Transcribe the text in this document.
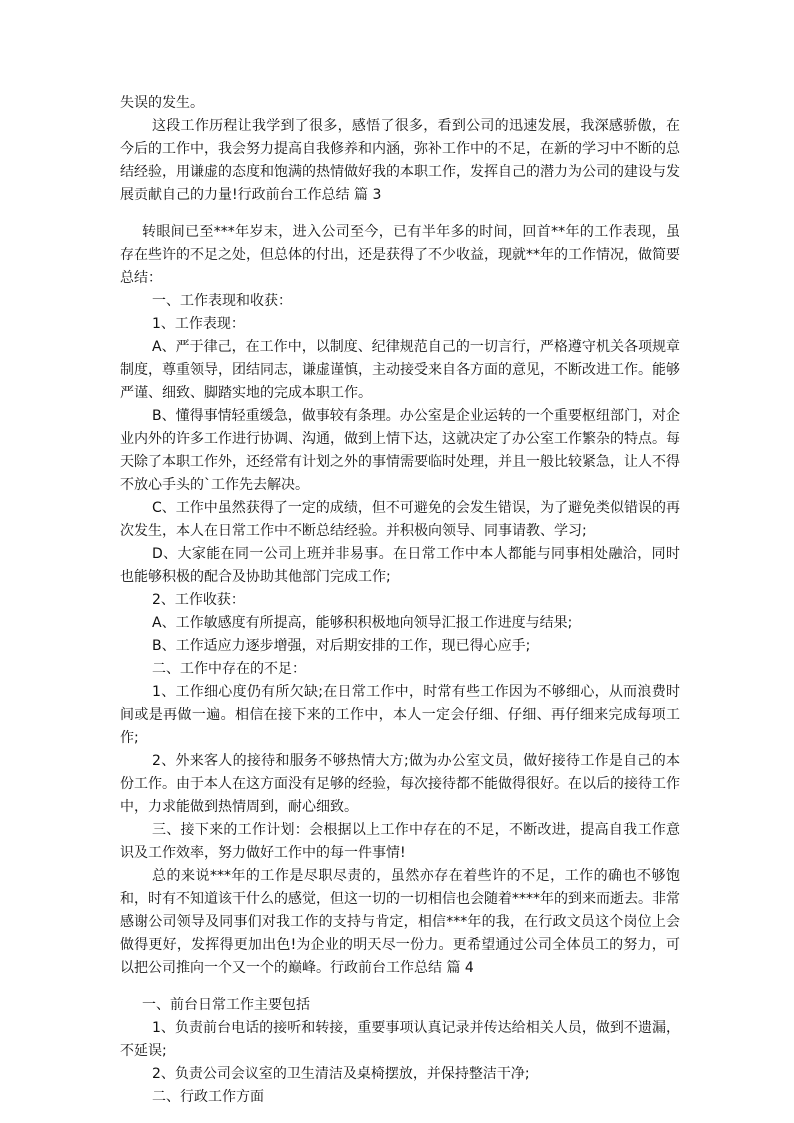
失误的发生。

这段工作历程让我学到了很多，感悟了很多，看到公司的迅速发展，我深感骄傲，在今后的工作中，我会努力提高自我修养和内涵，弥补工作中的不足，在新的学习中不断的总结经验，用谦虚的态度和饱满的热情做好我的本职工作，发挥自己的潜力为公司的建设与发展贡献自己的力量!行政前台工作总结 篇 3

转眼间已至***年岁末，进入公司至今，已有半年多的时间，回首**年的工作表现，虽存在些许的不足之处，但总体的付出，还是获得了不少收益，现就**年的工作情况，做简要总结：

一、工作表现和收获：

1、工作表现：

A、严于律己，在工作中，以制度、纪律规范自己的一切言行，严格遵守机关各项规章制度，尊重领导，团结同志，谦虚谨慎，主动接受来自各方面的意见，不断改进工作。能够严谨、细致、脚踏实地的完成本职工作。

B、懂得事情轻重缓急，做事较有条理。办公室是企业运转的一个重要枢纽部门，对企业内外的许多工作进行协调、沟通，做到上情下达，这就决定了办公室工作繁杂的特点。每天除了本职工作外，还经常有计划之外的事情需要临时处理，并且一般比较紧急，让人不得不放心手头的`工作先去解决。

C、工作中虽然获得了一定的成绩，但不可避免的会发生错误，为了避免类似错误的再次发生，本人在日常工作中不断总结经验。并积极向领导、同事请教、学习;

D、大家能在同一公司上班并非易事。在日常工作中本人都能与同事相处融洽，同时也能够积极的配合及协助其他部门完成工作;

2、工作收获：

A、工作敏感度有所提高，能够积积极地向领导汇报工作进度与结果;

B、工作适应力逐步增强，对后期安排的工作，现已得心应手;

二、工作中存在的不足：

1、工作细心度仍有所欠缺;在日常工作中，时常有些工作因为不够细心，从而浪费时间或是再做一遍。相信在接下来的工作中，本人一定会仔细、仔细、再仔细来完成每项工作;

2、外来客人的接待和服务不够热情大方;做为办公室文员，做好接待工作是自己的本份工作。由于本人在这方面没有足够的经验，每次接待都不能做得很好。在以后的接待工作中，力求能做到热情周到，耐心细致。

三、接下来的工作计划：会根据以上工作中存在的不足，不断改进，提高自我工作意识及工作效率，努力做好工作中的每一件事情!

总的来说***年的工作是尽职尽责的，虽然亦存在着些许的不足，工作的确也不够饱和，时有不知道该干什么的感觉，但这一切的一切相信也会随着****年的到来而逝去。非常感谢公司领导及同事们对我工作的支持与肯定，相信***年的我，在行政文员这个岗位上会做得更好，发挥得更加出色!为企业的明天尽一份力。更希望通过公司全体员工的努力，可以把公司推向一个又一个的巅峰。行政前台工作总结 篇 4

一、前台日常工作主要包括

1、负责前台电话的接听和转接，重要事项认真记录并传达给相关人员，做到不遗漏，不延误;

2、负责公司会议室的卫生清洁及桌椅摆放，并保持整洁干净;

二、行政工作方面
